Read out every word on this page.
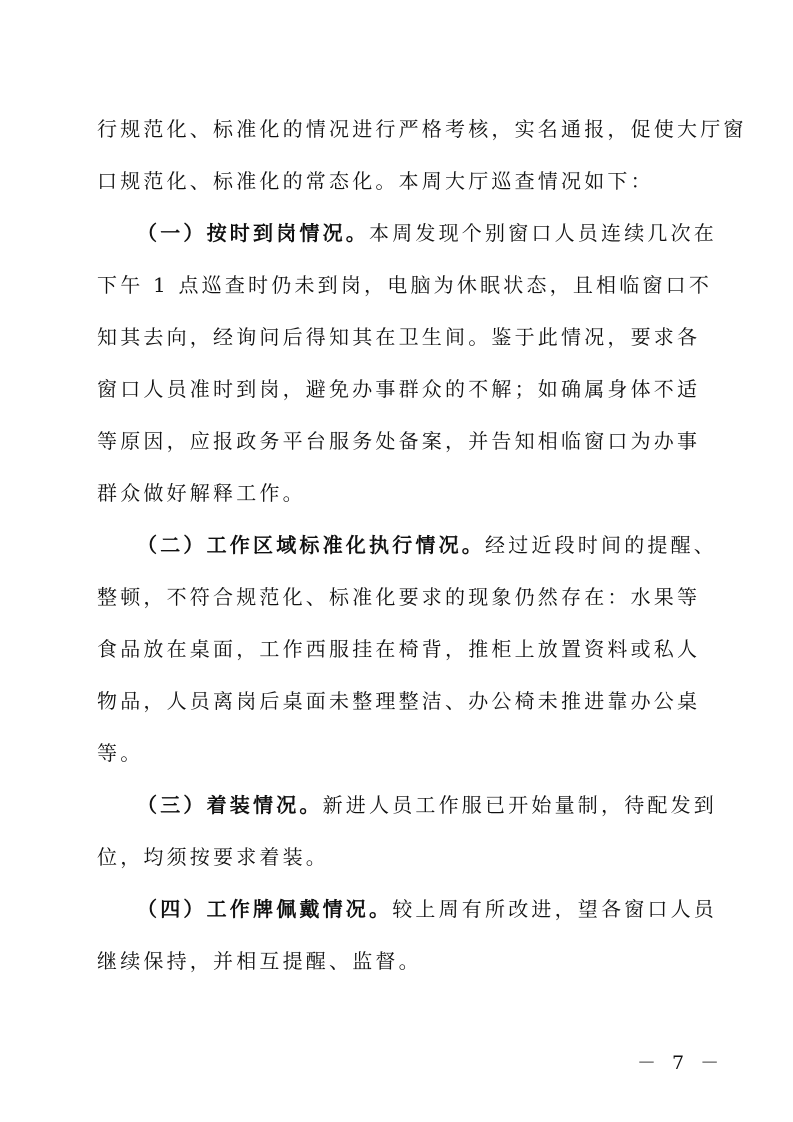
行规范化、标准化的情况进行严格考核，实名通报，促使大厅窗
口规范化、标准化的常态化。本周大厅巡查情况如下：
（一）按时到岗情况。本周发现个别窗口人员连续几次在
下午 1 点巡查时仍未到岗，电脑为休眠状态，且相临窗口不
知其去向，经询问后得知其在卫生间。鉴于此情况，要求各
窗口人员准时到岗，避免办事群众的不解；如确属身体不适
等原因，应报政务平台服务处备案，并告知相临窗口为办事
群众做好解释工作。
（二）工作区域标准化执行情况。经过近段时间的提醒、
整顿，不符合规范化、标准化要求的现象仍然存在：水果等
食品放在桌面，工作西服挂在椅背，推柜上放置资料或私人
物品，人员离岗后桌面未整理整洁、办公椅未推进靠办公桌
等。
（三）着装情况。新进人员工作服已开始量制，待配发到
位，均须按要求着装。
（四）工作牌佩戴情况。较上周有所改进，望各窗口人员
继续保持，并相互提醒、监督。
－ 7 －
